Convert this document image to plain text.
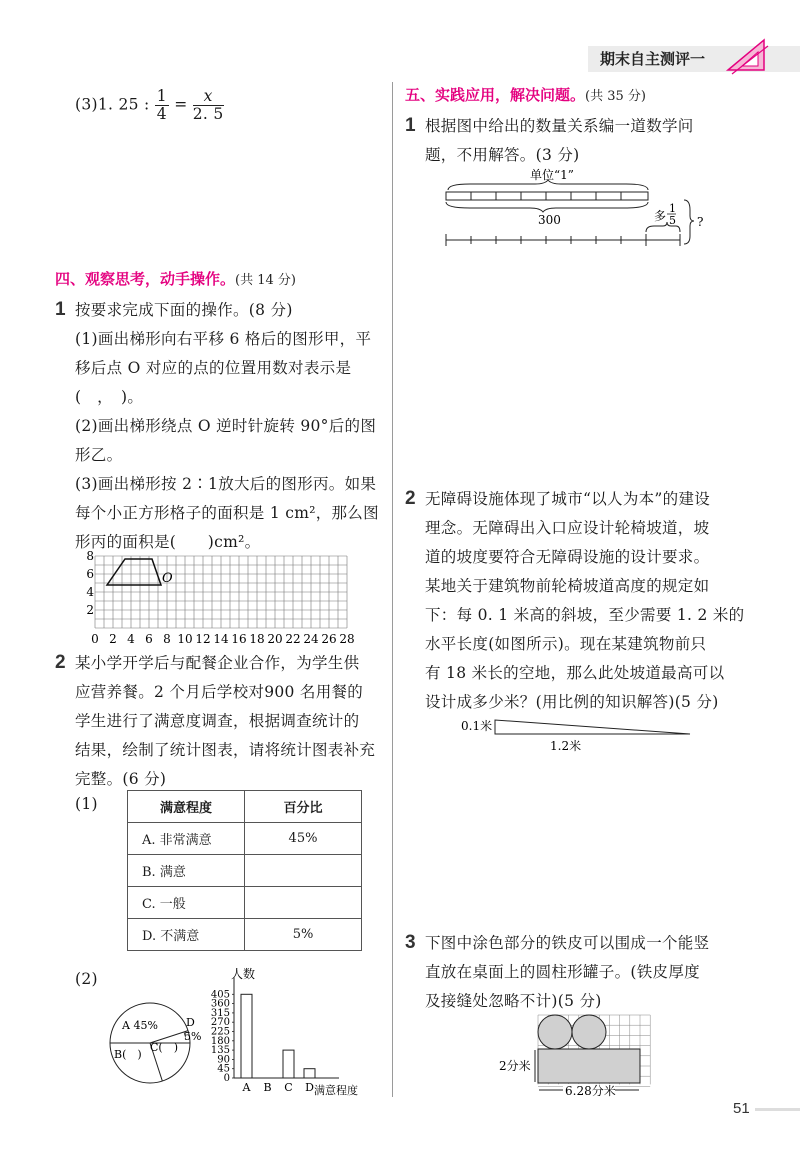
期末自主测评一
(3)1. 25 : $\frac{1}{4} = \frac{x}{2. 5}$
四、观察思考，动手操作。(共 14 分)
1 按要求完成下面的操作。(8 分)
(1)画出梯形向右平移 6 格后的图形甲，平
移后点 O 对应的点的位置用数对表示是
(　，　)。
(2)画出梯形绕点 O 逆时针旋转 90°后的图
形乙。
(3)画出梯形按 2∶1放大后的图形丙。如果
每个小正方形格子的面积是 1 cm²，那么图
形丙的面积是(　　)cm²。
O
8
6
4
2
0 2 4 6 8 10 12 14 16 18 20 22 24 26 28
2 某小学开学后与配餐企业合作，为学生供
应营养餐。2 个月后学校对900 名用餐的
学生进行了满意度调查，根据调查统计的
结果，绘制了统计图表，请将统计图表补充
完整。(6 分)
(1)	满意程度	百分比
A. 非常满意	45%
B. 满意	
C. 一般	
D. 不满意	5%
(2)
A 45%
B(　)
C(　)
D
5%
人数
0
45
90
135
180
225
270
315
360
405
A B C D 满意程度
五、实践应用，解决问题。(共 35 分)
1 根据图中给出的数量关系编一道数学问
题，不用解答。(3 分)
单位“1”
300	多
1
5 ?
2 无障碍设施体现了城市“以人为本”的建设
理念。无障碍出入口应设计轮椅坡道，坡
道的坡度要符合无障碍设施的设计要求。
某地关于建筑物前轮椅坡道高度的规定如
下：每 0. 1 米高的斜坡，至少需要 1. 2 米的
水平长度(如图所示)。现在某建筑物前只
有 18 米长的空地，那么此处坡道最高可以
设计成多少米？(用比例的知识解答)(5 分)
0.1米
1.2米
3 下图中涂色部分的铁皮可以围成一个能竖
直放在桌面上的圆柱形罐子。(铁皮厚度
及接缝处忽略不计)(5 分)
2分米
6.28分米
51
